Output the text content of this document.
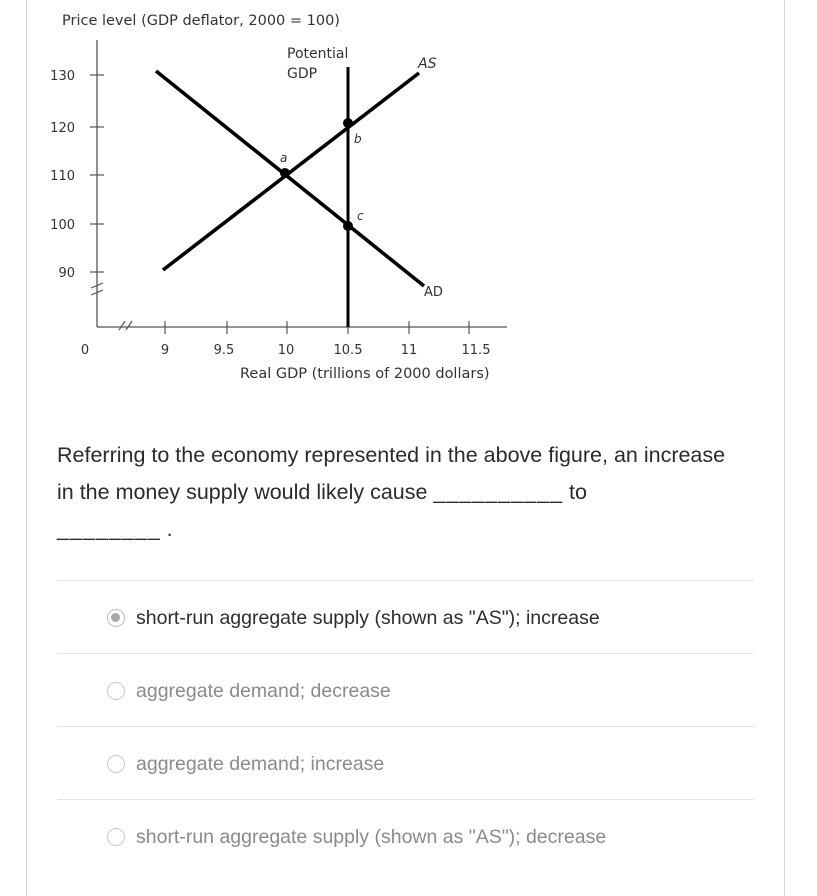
Price level (GDP deflator, 2000 = 100)
130
120
110
100
90
0	9	9.5	10	10.5	11	11.5
Real GDP (trillions of 2000 dollars)
Potential
GDP
AS
AD
a
b
c
Referring to the economy represented in the above figure, an increase in the money supply would likely cause __________ to
________ .
short-run aggregate supply (shown as "AS"); increase
aggregate demand; decrease
aggregate demand; increase
short-run aggregate supply (shown as "AS"); decrease
